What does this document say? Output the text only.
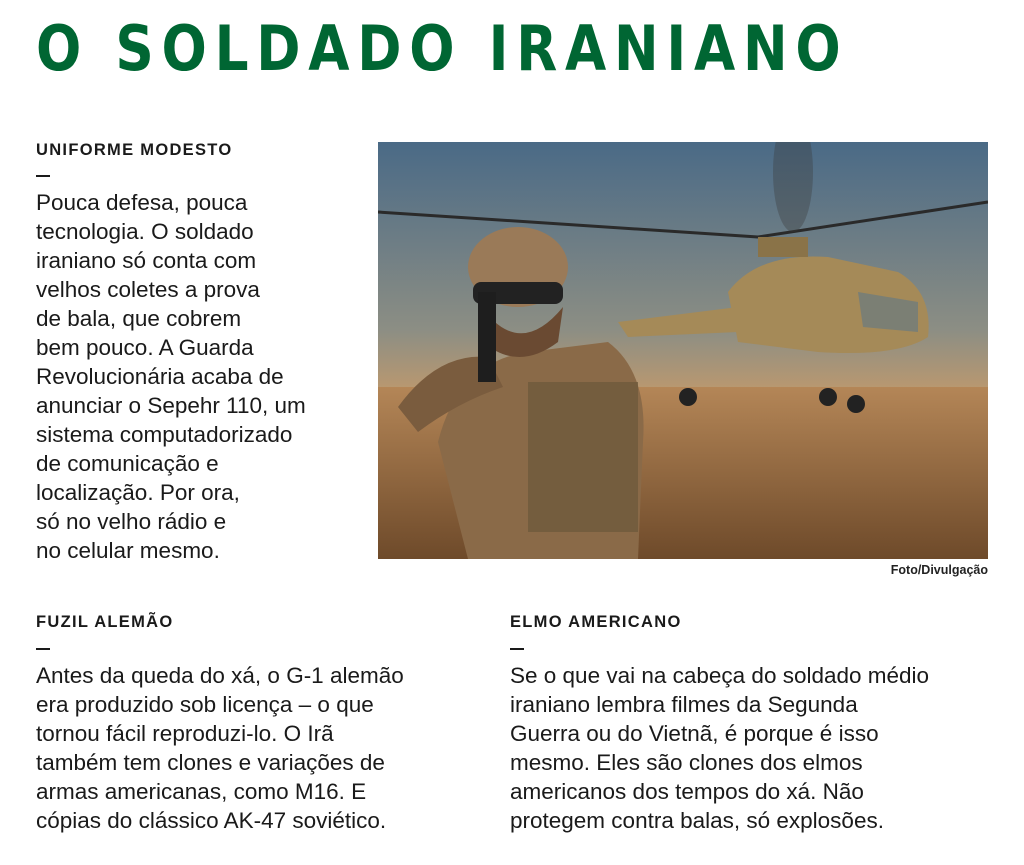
O SOLDADO IRANIANO
UNIFORME MODESTO
Pouca defesa, pouca
tecnologia. O soldado
iraniano só conta com
velhos coletes a prova
de bala, que cobrem
bem pouco. A Guarda
Revolucionária acaba de
anunciar o Sepehr 110, um
sistema computadorizado
de comunicação e
localização. Por ora,
só no velho rádio e
no celular mesmo.
Foto/Divulgação
FUZIL ALEMÃO
Antes da queda do xá, o G-1 alemão
era produzido sob licença – o que
tornou fácil reproduzi-lo. O Irã
também tem clones e variações de
armas americanas, como M16. E
cópias do clássico AK-47 soviético.
ELMO AMERICANO
Se o que vai na cabeça do soldado médio
iraniano lembra filmes da Segunda
Guerra ou do Vietnã, é porque é isso
mesmo. Eles são clones dos elmos
americanos dos tempos do xá. Não
protegem contra balas, só explosões.
